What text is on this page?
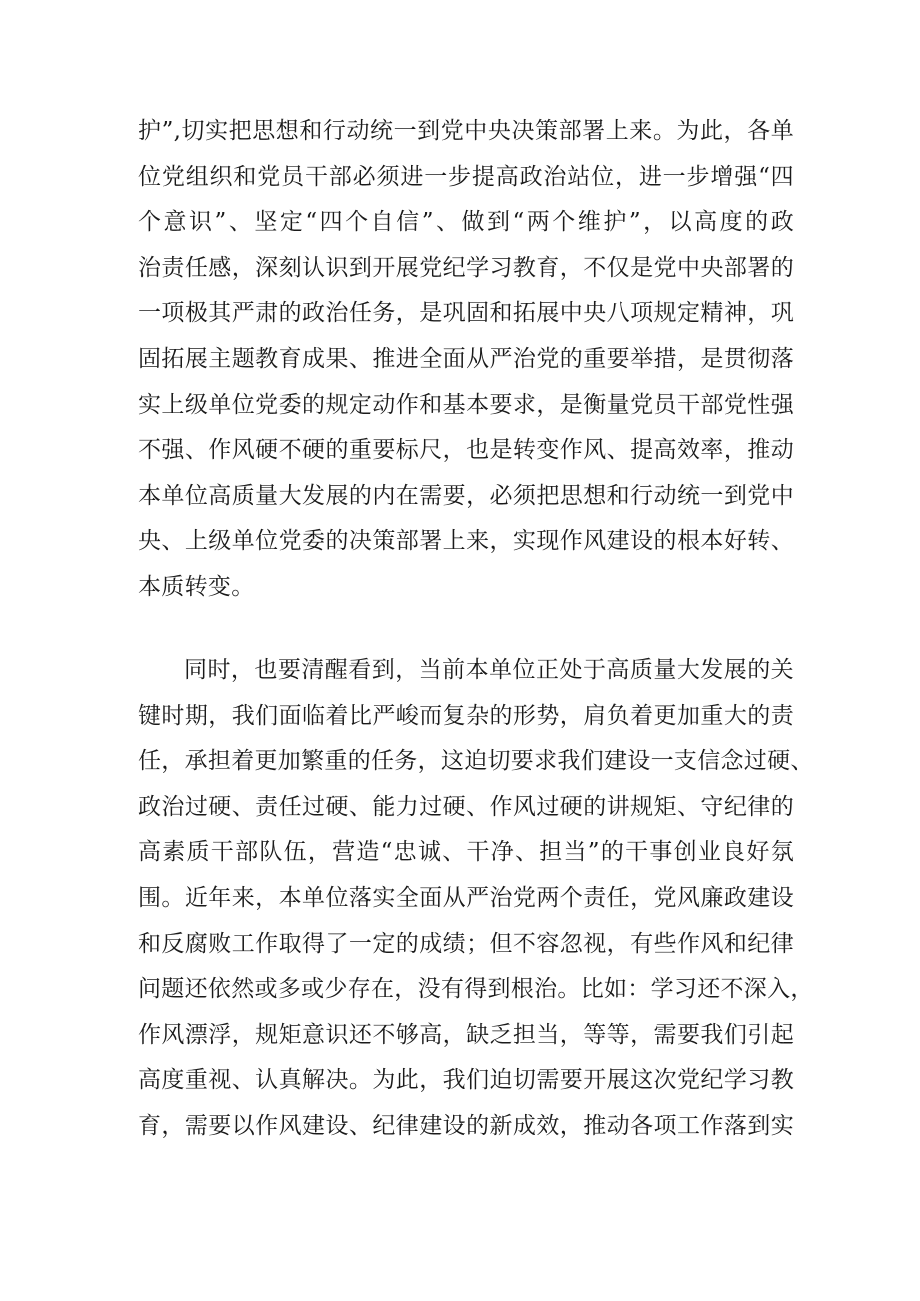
护”,切实把思想和行动统一到党中央决策部署上来。为此，各单
位党组织和党员干部必须进一步提高政治站位，进一步增强“四
个意识”、坚定“四个自信”、做到“两个维护”，以高度的政
治责任感，深刻认识到开展党纪学习教育，不仅是党中央部署的
一项极其严肃的政治任务，是巩固和拓展中央八项规定精神，巩
固拓展主题教育成果、推进全面从严治党的重要举措，是贯彻落
实上级单位党委的规定动作和基本要求，是衡量党员干部党性强
不强、作风硬不硬的重要标尺，也是转变作风、提高效率，推动
本单位高质量大发展的内在需要，必须把思想和行动统一到党中
央、上级单位党委的决策部署上来，实现作风建设的根本好转、
本质转变。
同时，也要清醒看到，当前本单位正处于高质量大发展的关
键时期，我们面临着比严峻而复杂的形势，肩负着更加重大的责
任，承担着更加繁重的任务，这迫切要求我们建设一支信念过硬、
政治过硬、责任过硬、能力过硬、作风过硬的讲规矩、守纪律的
高素质干部队伍，营造“忠诚、干净、担当”的干事创业良好氛
围。近年来，本单位落实全面从严治党两个责任，党风廉政建设
和反腐败工作取得了一定的成绩；但不容忽视，有些作风和纪律
问题还依然或多或少存在，没有得到根治。比如：学习还不深入，
作风漂浮，规矩意识还不够高，缺乏担当，等等，需要我们引起
高度重视、认真解决。为此，我们迫切需要开展这次党纪学习教
育，需要以作风建设、纪律建设的新成效，推动各项工作落到实
